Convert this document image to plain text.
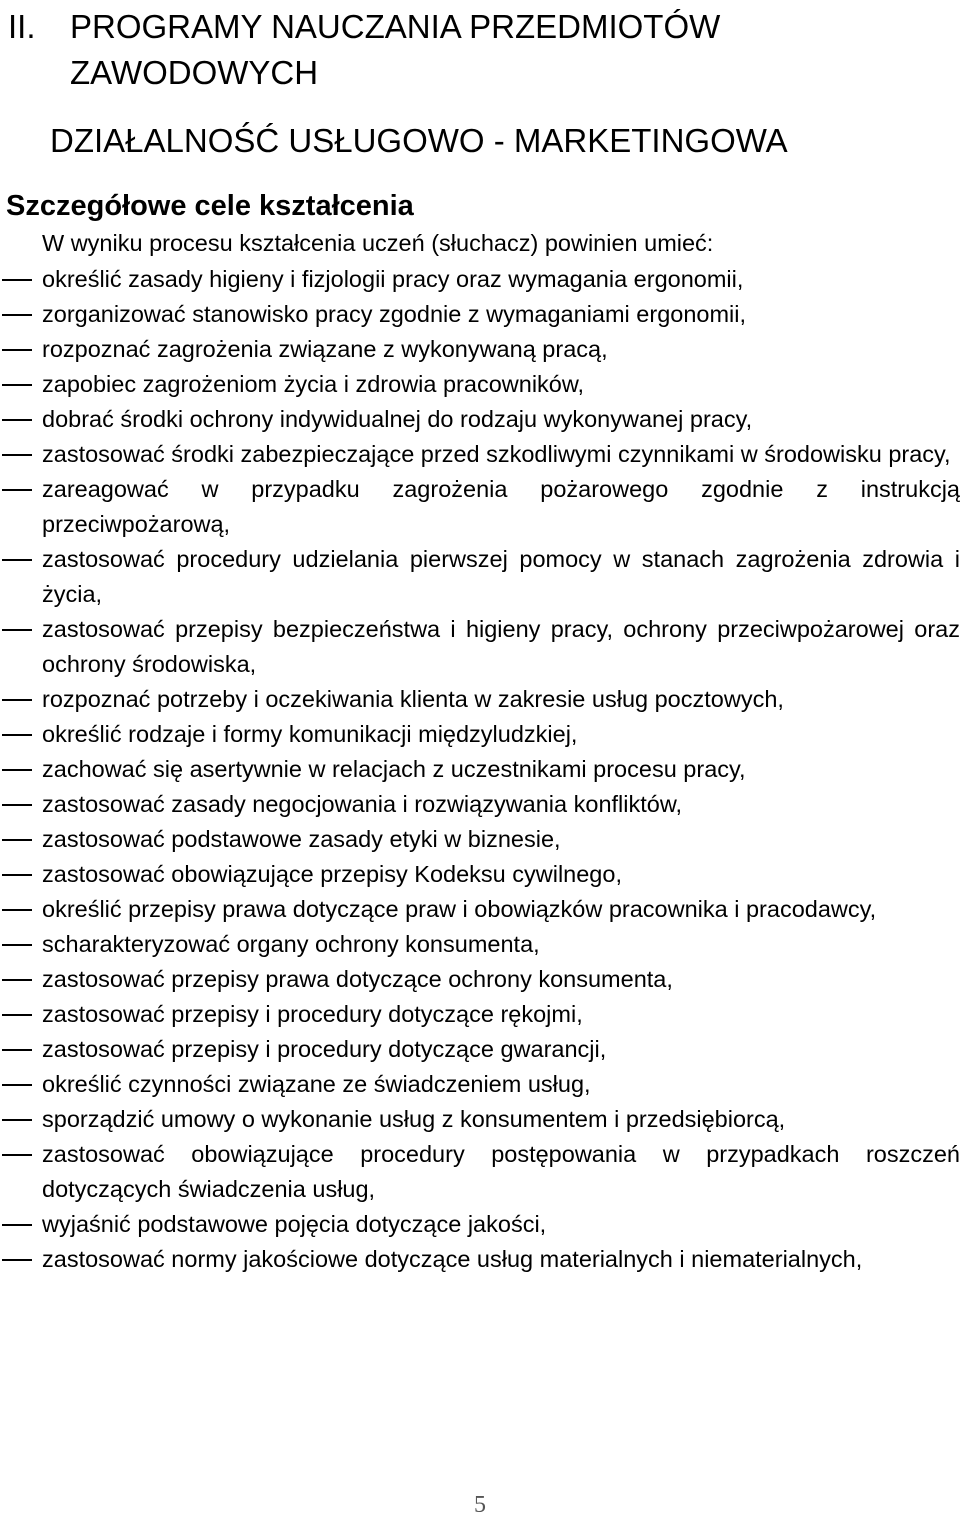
II. PROGRAMY NAUCZANIA PRZEDMIOTÓW ZAWODOWYCH
DZIAŁALNOŚĆ USŁUGOWO - MARKETINGOWA
Szczegółowe cele kształcenia
W wyniku procesu kształcenia uczeń (słuchacz) powinien umieć:
określić zasady higieny i fizjologii pracy oraz wymagania ergonomii,
zorganizować stanowisko pracy zgodnie z wymaganiami ergonomii,
rozpoznać zagrożenia związane z wykonywaną pracą,
zapobiec zagrożeniom życia i zdrowia pracowników,
dobrać środki ochrony indywidualnej do rodzaju wykonywanej pracy,
zastosować środki zabezpieczające przed szkodliwymi czynnikami w środowisku pracy,
zareagować w przypadku zagrożenia pożarowego zgodnie z instrukcją przeciwpożarową,
zastosować procedury udzielania pierwszej pomocy w stanach zagrożenia zdrowia i życia,
zastosować przepisy bezpieczeństwa i higieny pracy, ochrony przeciwpożarowej oraz ochrony środowiska,
rozpoznać potrzeby i oczekiwania klienta w zakresie usług pocztowych,
określić rodzaje i formy komunikacji międzyludzkiej,
zachować się asertywnie w relacjach z uczestnikami procesu pracy,
zastosować zasady negocjowania i rozwiązywania konfliktów,
zastosować podstawowe zasady etyki w biznesie,
zastosować obowiązujące przepisy Kodeksu cywilnego,
określić przepisy prawa dotyczące praw i obowiązków pracownika i pracodawcy,
scharakteryzować organy ochrony konsumenta,
zastosować przepisy prawa dotyczące ochrony konsumenta,
zastosować przepisy i procedury dotyczące rękojmi,
zastosować przepisy i procedury dotyczące gwarancji,
określić czynności związane ze świadczeniem usług,
sporządzić umowy o wykonanie usług z konsumentem i przedsiębiorcą,
zastosować obowiązujące procedury postępowania w przypadkach roszczeń dotyczących świadczenia usług,
wyjaśnić podstawowe pojęcia dotyczące jakości,
zastosować normy jakościowe dotyczące usług materialnych i niematerialnych,
5
